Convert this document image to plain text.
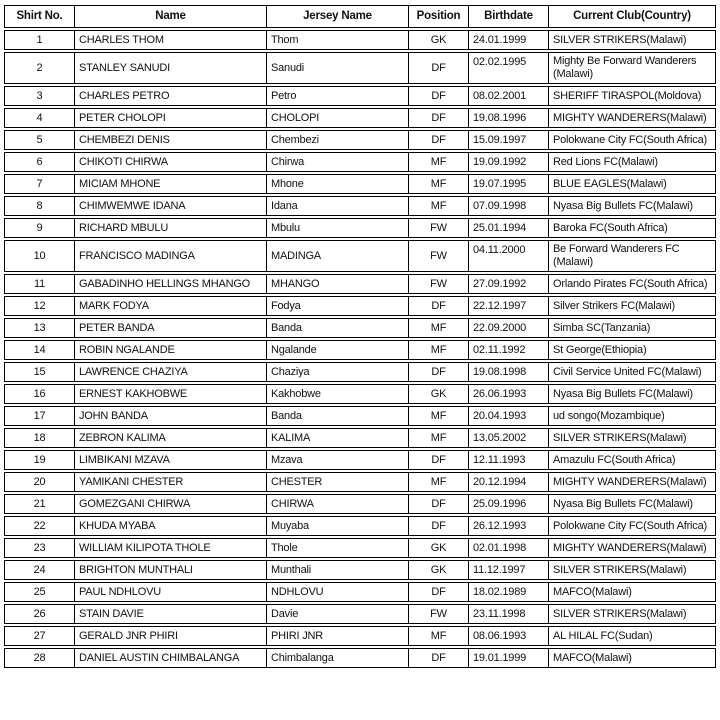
Shirt No.	Name	Jersey Name	Position	Birthdate	Current Club(Country)
1	CHARLES THOM	Thom	GK	24.01.1999	SILVER STRIKERS(Malawi)
2	STANLEY SANUDI	Sanudi	DF	02.02.1995	Mighty Be Forward Wanderers (Malawi)
3	CHARLES PETRO	Petro	DF	08.02.2001	SHERIFF TIRASPOL(Moldova)
4	PETER CHOLOPI	CHOLOPI	DF	19.08.1996	MIGHTY WANDERERS(Malawi)
5	CHEMBEZI DENIS	Chembezi	DF	15.09.1997	Polokwane City FC(South Africa)
6	CHIKOTI CHIRWA	Chirwa	MF	19.09.1992	Red Lions FC(Malawi)
7	MICIAM MHONE	Mhone	MF	19.07.1995	BLUE EAGLES(Malawi)
8	CHIMWEMWE IDANA	Idana	MF	07.09.1998	Nyasa Big Bullets FC(Malawi)
9	RICHARD MBULU	Mbulu	FW	25.01.1994	Baroka FC(South Africa)
10	FRANCISCO MADINGA	MADINGA	FW	04.11.2000	Be Forward Wanderers FC (Malawi)
11	GABADINHO HELLINGS MHANGO	MHANGO	FW	27.09.1992	Orlando Pirates FC(South Africa)
12	MARK FODYA	Fodya	DF	22.12.1997	Silver Strikers FC(Malawi)
13	PETER BANDA	Banda	MF	22.09.2000	Simba SC(Tanzania)
14	ROBIN NGALANDE	Ngalande	MF	02.11.1992	St George(Ethiopia)
15	LAWRENCE CHAZIYA	Chaziya	DF	19.08.1998	Civil Service United FC(Malawi)
16	ERNEST KAKHOBWE	Kakhobwe	GK	26.06.1993	Nyasa Big Bullets FC(Malawi)
17	JOHN BANDA	Banda	MF	20.04.1993	ud songo(Mozambique)
18	ZEBRON KALIMA	KALIMA	MF	13.05.2002	SILVER STRIKERS(Malawi)
19	LIMBIKANI MZAVA	Mzava	DF	12.11.1993	Amazulu FC(South Africa)
20	YAMIKANI CHESTER	CHESTER	MF	20.12.1994	MIGHTY WANDERERS(Malawi)
21	GOMEZGANI CHIRWA	CHIRWA	DF	25.09.1996	Nyasa Big Bullets FC(Malawi)
22	KHUDA MYABA	Muyaba	DF	26.12.1993	Polokwane City FC(South Africa)
23	WILLIAM KILIPOTA THOLE	Thole	GK	02.01.1998	MIGHTY WANDERERS(Malawi)
24	BRIGHTON MUNTHALI	Munthali	GK	11.12.1997	SILVER STRIKERS(Malawi)
25	PAUL NDHLOVU	NDHLOVU	DF	18.02.1989	MAFCO(Malawi)
26	STAIN DAVIE	Davie	FW	23.11.1998	SILVER STRIKERS(Malawi)
27	GERALD JNR PHIRI	PHIRI JNR	MF	08.06.1993	AL HILAL FC(Sudan)
28	DANIEL AUSTIN CHIMBALANGA	Chimbalanga	DF	19.01.1999	MAFCO(Malawi)
